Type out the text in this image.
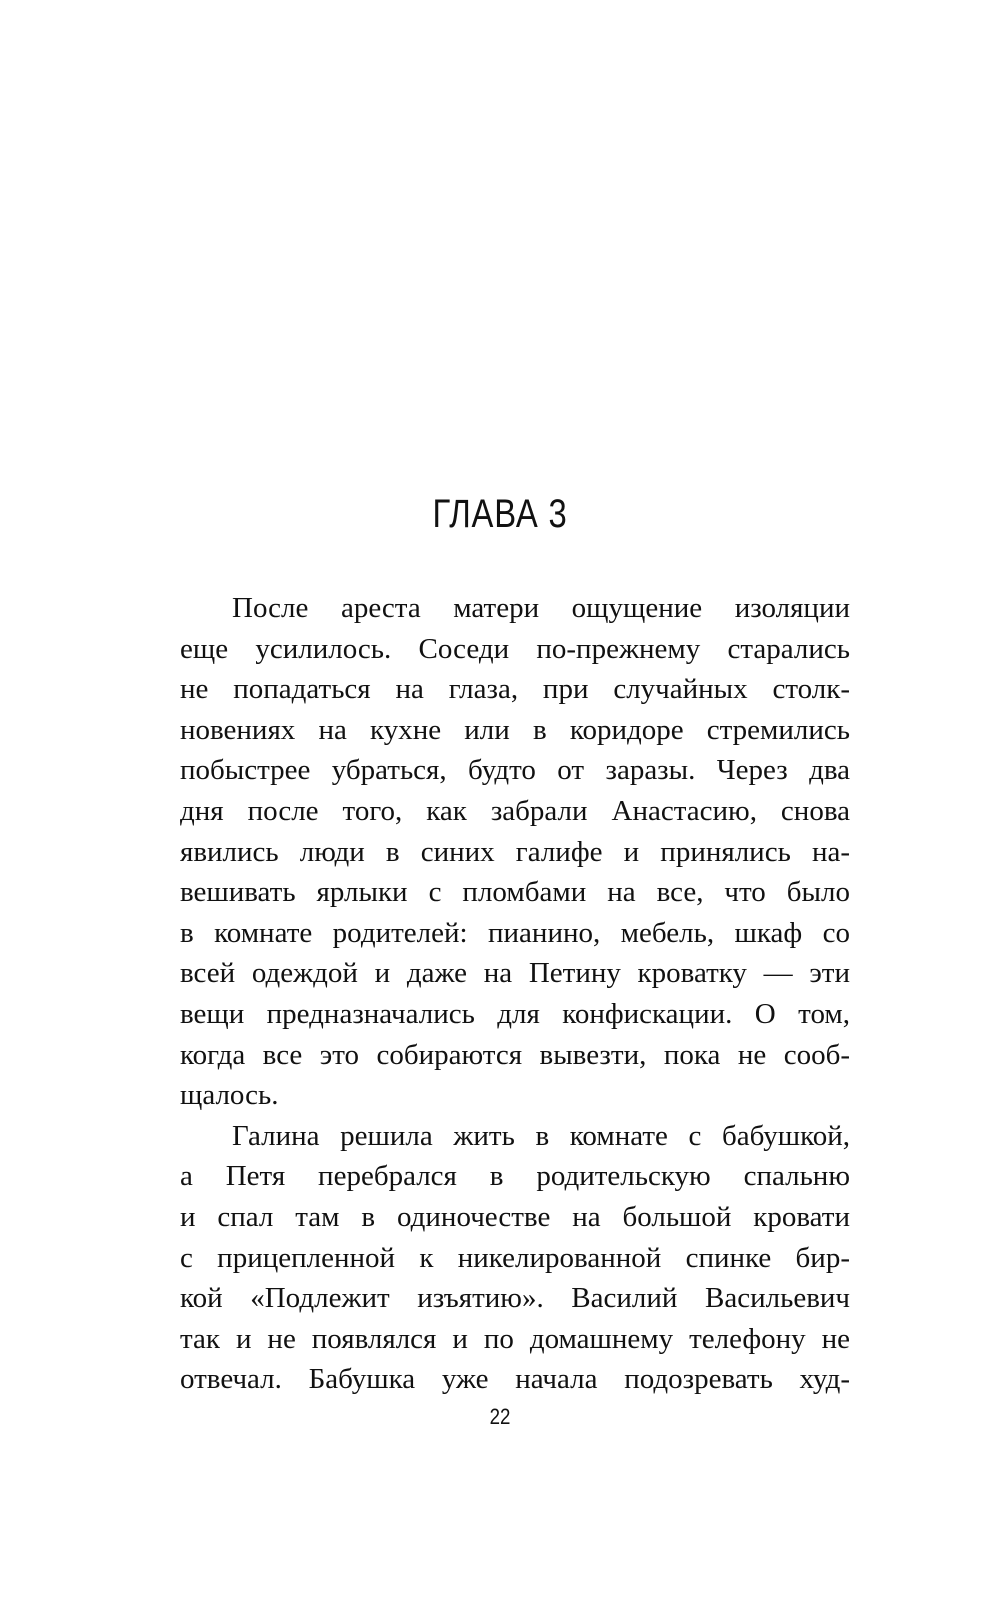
ГЛАВА 3
После ареста матери ощущение изоляции
еще усилилось. Соседи по-прежнему старались
не попадаться на глаза, при случайных столк-
новениях на кухне или в коридоре стремились
побыстрее убраться, будто от заразы. Через два
дня после того, как забрали Анастасию, снова
явились люди в синих галифе и принялись на-
вешивать ярлыки с пломбами на все, что было
в комнате родителей: пианино, мебель, шкаф со
всей одеждой и даже на Петину кроватку — эти
вещи предназначались для конфискации. О том,
когда все это собираются вывезти, пока не сооб-
щалось.
Галина решила жить в комнате с бабушкой,
а Петя перебрался в родительскую спальню
и спал там в одиночестве на большой кровати
с прицепленной к никелированной спинке бир-
кой «Подлежит изъятию». Василий Васильевич
так и не появлялся и по домашнему телефону не
отвечал. Бабушка уже начала подозревать худ-
22
